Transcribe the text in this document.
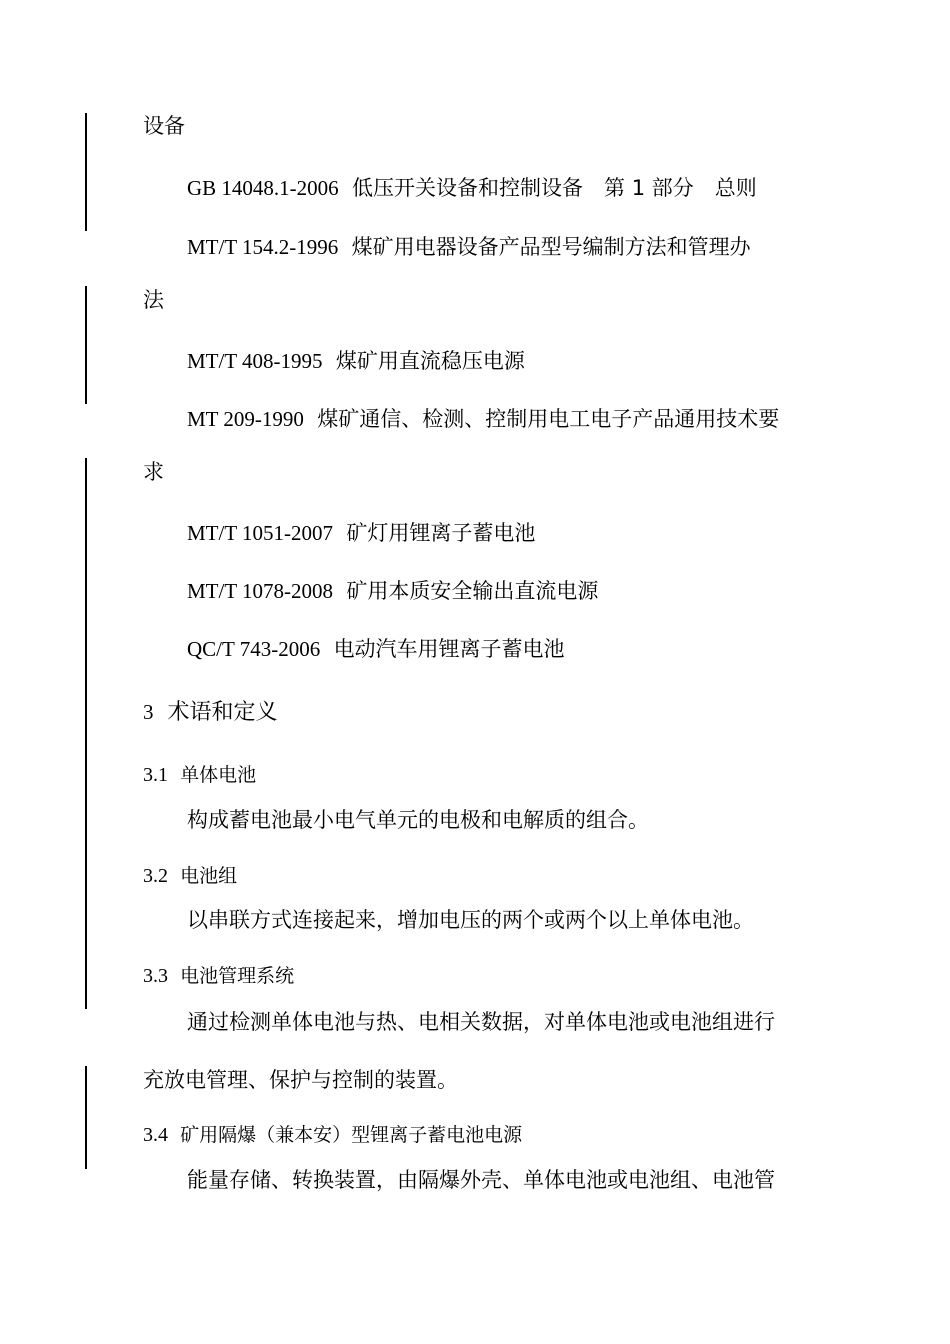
设备
GB 14048.1-2006 低压开关设备和控制设备　第 1 部分　总则
MT/T 154.2-1996 煤矿用电器设备产品型号编制方法和管理办
法
MT/T 408-1995 煤矿用直流稳压电源
MT 209-1990 煤矿通信、检测、控制用电工电子产品通用技术要
求
MT/T 1051-2007 矿灯用锂离子蓄电池
MT/T 1078-2008 矿用本质安全输出直流电源
QC/T 743-2006 电动汽车用锂离子蓄电池
3 术语和定义
3.1 单体电池
构成蓄电池最小电气单元的电极和电解质的组合。
3.2 电池组
以串联方式连接起来，增加电压的两个或两个以上单体电池。
3.3 电池管理系统
通过检测单体电池与热、电相关数据，对单体电池或电池组进行
充放电管理、保护与控制的装置。
3.4 矿用隔爆（兼本安）型锂离子蓄电池电源
能量存储、转换装置，由隔爆外壳、单体电池或电池组、电池管
